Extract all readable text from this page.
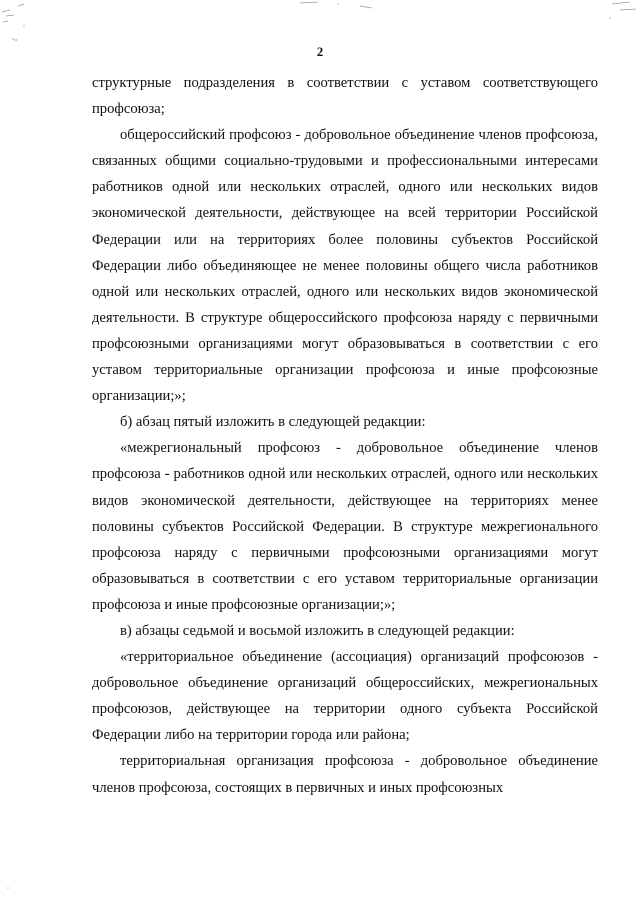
2

структурные подразделения в соответствии с уставом соответствующего профсоюза;

общероссийский профсоюз - добровольное объединение членов профсоюза, связанных общими социально-трудовыми и профессиональными интересами работников одной или нескольких отраслей, одного или нескольких видов экономической деятельности, действующее на всей территории Российской Федерации или на территориях более половины субъектов Российской Федерации либо объединяющее не менее половины общего числа работников одной или нескольких отраслей, одного или нескольких видов экономической деятельности. В структуре общероссийского профсоюза наряду с первичными профсоюзными организациями могут образовываться в соответствии с его уставом территориальные организации профсоюза и иные профсоюзные организации;»;

б) абзац пятый изложить в следующей редакции:

«межрегиональный профсоюз - добровольное объединение членов профсоюза - работников одной или нескольких отраслей, одного или нескольких видов экономической деятельности, действующее на территориях менее половины субъектов Российской Федерации. В структуре межрегионального профсоюза наряду с первичными профсоюзными организациями могут образовываться в соответствии с его уставом территориальные организации профсоюза и иные профсоюзные организации;»;

в) абзацы седьмой и восьмой изложить в следующей редакции:

«территориальное объединение (ассоциация) организаций профсоюзов - добровольное объединение организаций общероссийских, межрегиональных профсоюзов, действующее на территории одного субъекта Российской Федерации либо на территории города или района;

территориальная организация профсоюза - добровольное объединение членов профсоюза, состоящих в первичных и иных профсоюзных
